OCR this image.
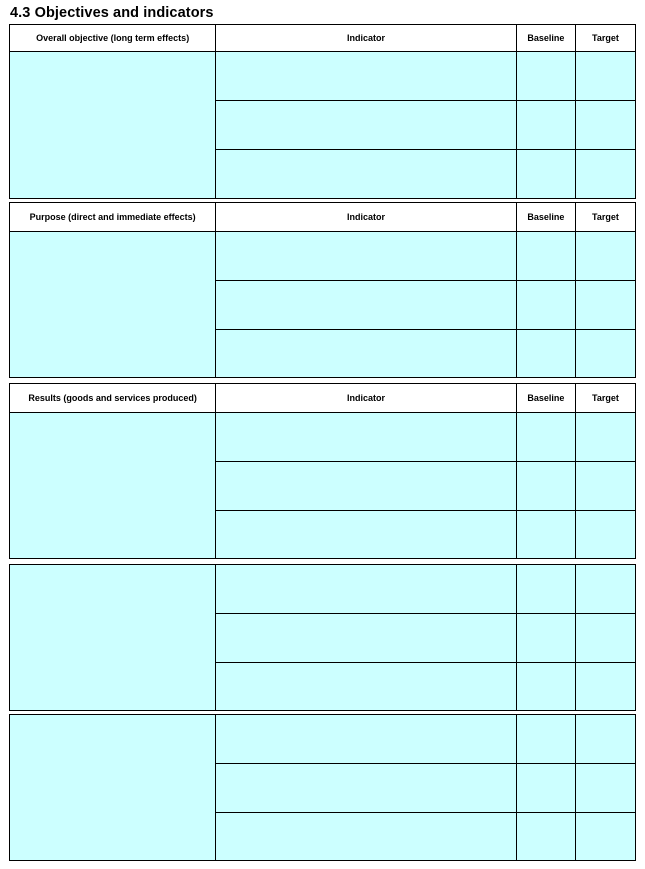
4.3 Objectives and indicators
Overall objective (long term effects)	Indicator	Baseline	Target

Purpose (direct and immediate effects)	Indicator	Baseline	Target

Results (goods and services produced)	Indicator	Baseline	Target
